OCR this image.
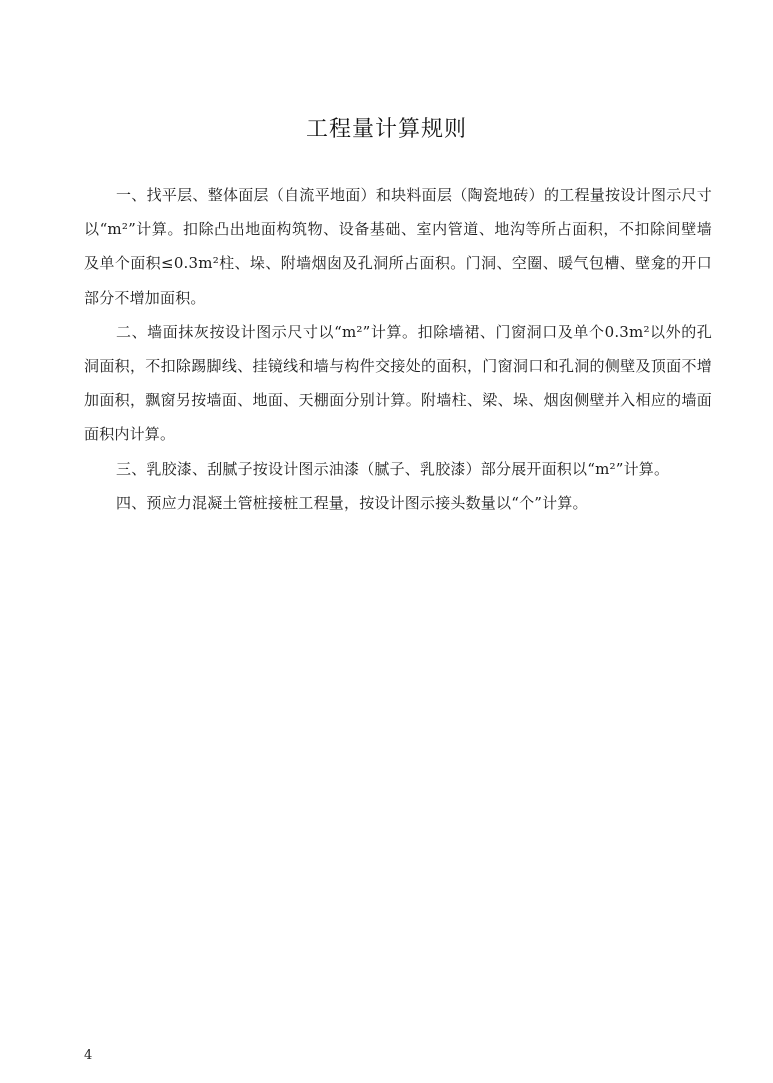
工程量计算规则

一、找平层、整体面层（自流平地面）和块料面层（陶瓷地砖）的工程量按设计图示尺寸以“m²”计算。扣除凸出地面构筑物、设备基础、室内管道、地沟等所占面积，不扣除间壁墙及单个面积≤0.3m²柱、垛、附墙烟囱及孔洞所占面积。门洞、空圈、暖气包槽、壁龛的开口部分不增加面积。

二、墙面抹灰按设计图示尺寸以“m²”计算。扣除墙裙、门窗洞口及单个0.3m²以外的孔洞面积，不扣除踢脚线、挂镜线和墙与构件交接处的面积，门窗洞口和孔洞的侧壁及顶面不增加面积，飘窗另按墙面、地面、天棚面分别计算。附墙柱、梁、垛、烟囱侧壁并入相应的墙面面积内计算。

三、乳胶漆、刮腻子按设计图示油漆（腻子、乳胶漆）部分展开面积以“m²”计算。

四、预应力混凝土管桩接桩工程量，按设计图示接头数量以“个”计算。

4
